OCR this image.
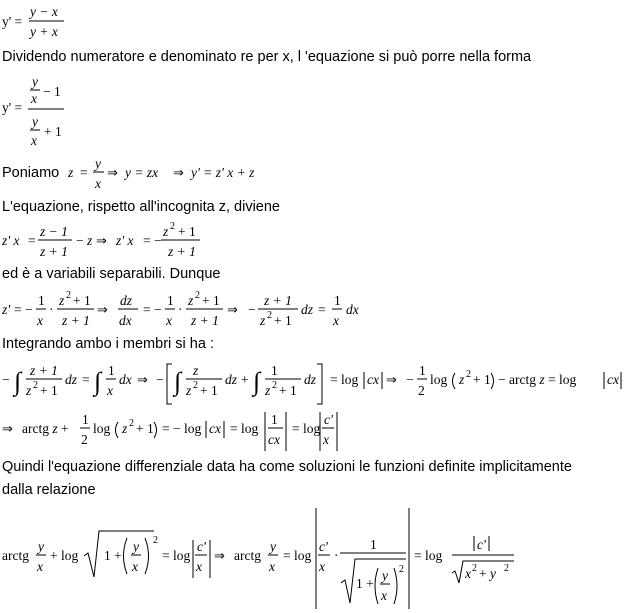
Dividendo numeratore e denominato re per x, l 'equazione si può porre nella forma
Poniamo
L'equazione, rispetto all'incognita z, diviene
ed è a variabili separabili. Dunque
Integrando ambo i membri si ha :
Quindi l'equazione differenziale data ha come soluzioni le funzioni definite implicitamente
dalla relazione
y' =
y − x
y + x
y' =
y
x − 1
y
x
+ 1
z =
y
x
⇒ y = zx ⇒ y' = z' x + z
z' x =
z − 1
z + 1
− z ⇒ z' x = −
z 2 + 1
z + 1
z' = −
1
x
·
z 2 + 1
z + 1
⇒
dz
dx
= −
1
x
·
z 2 + 1
z + 1
⇒ −
z + 1
z 2 + 1
dz =
1
x
dx
− ∫ z + 1
z 2 + 1
dz = ∫ 1
x
dx ⇒ − ∫ z
z 2 + 1
dz + ∫ 1
z 2 + 1
dz = log cx ⇒ −
1
2
log z 2 + 1 − arctg z = log cx
⇒ arctg z +
1
2
log z 2 + 1 = − log cx = log
1
cx
= log
c'
x
arctg
y
x
+ log 1 +
y
x
2
= log
c'
x
⇒ arctg
y
x
= log
c'
x
·
1
1 +
y
x
2
= log
c'
x 2 + y 2
